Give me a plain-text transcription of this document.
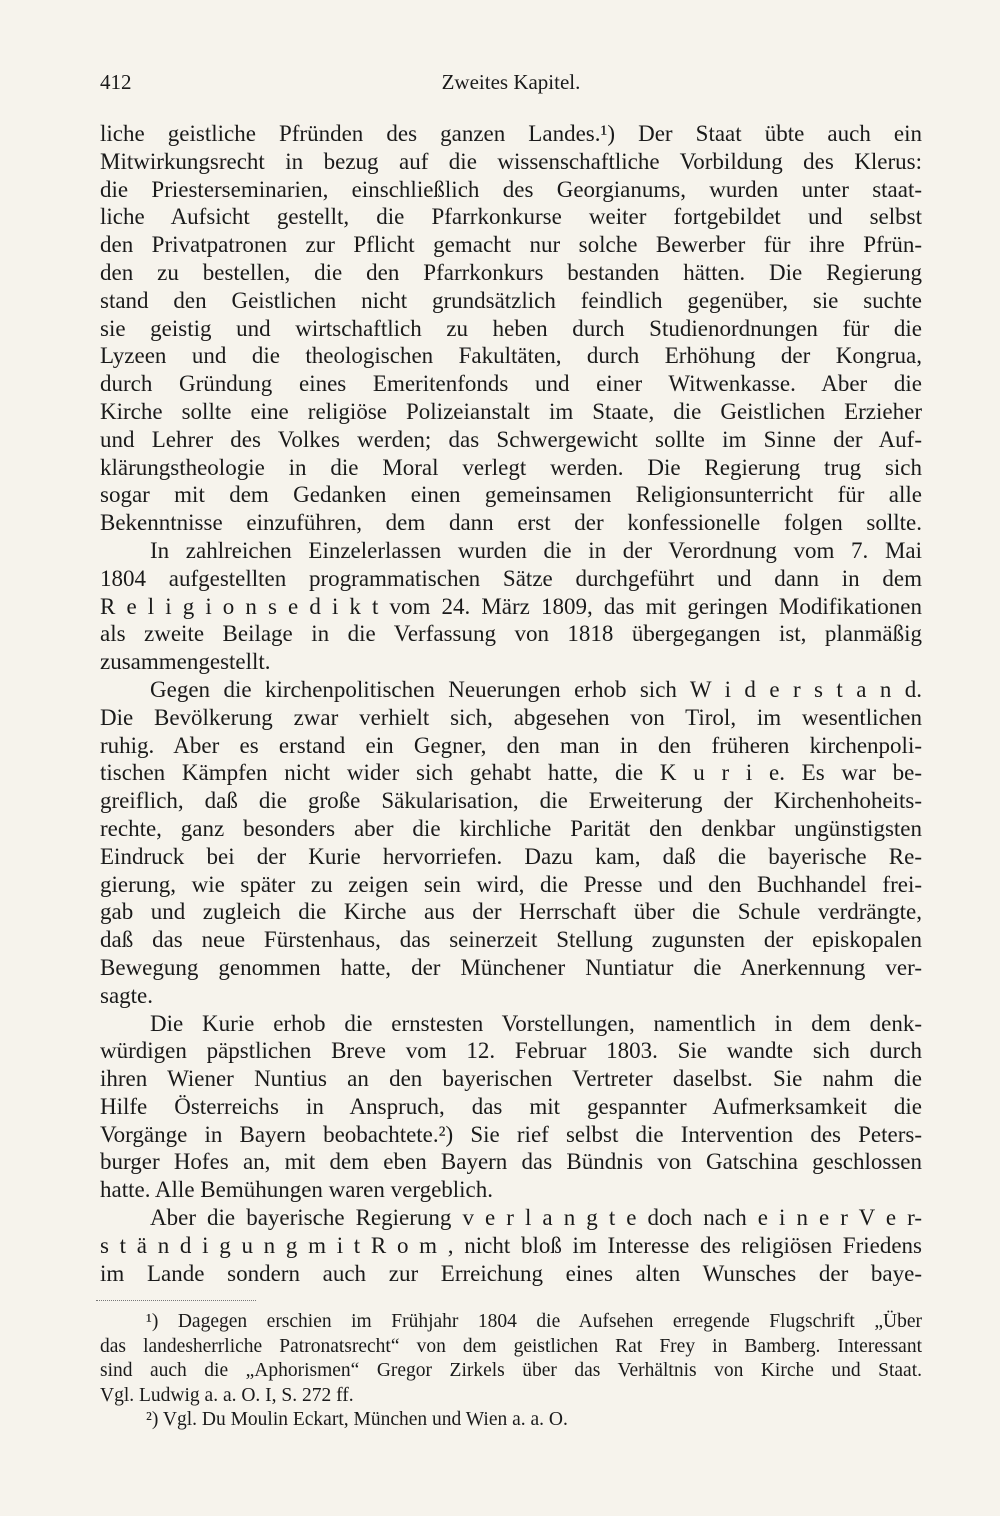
412	Zweites Kapitel.
liche geistliche Pfründen des ganzen Landes.¹) Der Staat übte auch ein
Mitwirkungsrecht in bezug auf die wissenschaftliche Vorbildung des Klerus:
die Priesterseminarien, einschließlich des Georgianums, wurden unter staat-
liche Aufsicht gestellt, die Pfarrkonkurse weiter fortgebildet und selbst
den Privatpatronen zur Pflicht gemacht nur solche Bewerber für ihre Pfrün-
den zu bestellen, die den Pfarrkonkurs bestanden hätten. Die Regierung
stand den Geistlichen nicht grundsätzlich feindlich gegenüber, sie suchte
sie geistig und wirtschaftlich zu heben durch Studienordnungen für die
Lyzeen und die theologischen Fakultäten, durch Erhöhung der Kongrua,
durch Gründung eines Emeritenfonds und einer Witwenkasse. Aber die
Kirche sollte eine religiöse Polizeianstalt im Staate, die Geistlichen Erzieher
und Lehrer des Volkes werden; das Schwergewicht sollte im Sinne der Auf-
klärungstheologie in die Moral verlegt werden. Die Regierung trug sich
sogar mit dem Gedanken einen gemeinsamen Religionsunterricht für alle
Bekenntnisse einzuführen, dem dann erst der konfessionelle folgen sollte.
In zahlreichen Einzelerlassen wurden die in der Verordnung vom 7. Mai
1804 aufgestellten programmatischen Sätze durchgeführt und dann in dem
R e l i g i o n s e d i k t vom 24. März 1809, das mit geringen Modifikationen
als zweite Beilage in die Verfassung von 1818 übergegangen ist, planmäßig
zusammengestellt.
Gegen die kirchenpolitischen Neuerungen erhob sich W i d e r s t a n d.
Die Bevölkerung zwar verhielt sich, abgesehen von Tirol, im wesentlichen
ruhig. Aber es erstand ein Gegner, den man in den früheren kirchenpoli-
tischen Kämpfen nicht wider sich gehabt hatte, die K u r i e. Es war be-
greiflich, daß die große Säkularisation, die Erweiterung der Kirchenhoheits-
rechte, ganz besonders aber die kirchliche Parität den denkbar ungünstigsten
Eindruck bei der Kurie hervorriefen. Dazu kam, daß die bayerische Re-
gierung, wie später zu zeigen sein wird, die Presse und den Buchhandel frei-
gab und zugleich die Kirche aus der Herrschaft über die Schule verdrängte,
daß das neue Fürstenhaus, das seinerzeit Stellung zugunsten der episkopalen
Bewegung genommen hatte, der Münchener Nuntiatur die Anerkennung ver-
sagte.
Die Kurie erhob die ernstesten Vorstellungen, namentlich in dem denk-
würdigen päpstlichen Breve vom 12. Februar 1803. Sie wandte sich durch
ihren Wiener Nuntius an den bayerischen Vertreter daselbst. Sie nahm die
Hilfe Österreichs in Anspruch, das mit gespannter Aufmerksamkeit die
Vorgänge in Bayern beobachtete.²) Sie rief selbst die Intervention des Peters-
burger Hofes an, mit dem eben Bayern das Bündnis von Gatschina geschlossen
hatte. Alle Bemühungen waren vergeblich.
Aber die bayerische Regierung v e r l a n g t e doch nach e i n e r V e r-
s t ä n d i g u n g m i t R o m , nicht bloß im Interesse des religiösen Friedens
im Lande sondern auch zur Erreichung eines alten Wunsches der baye-
¹) Dagegen erschien im Frühjahr 1804 die Aufsehen erregende Flugschrift „Über
das landesherrliche Patronatsrecht“ von dem geistlichen Rat Frey in Bamberg. Interessant
sind auch die „Aphorismen“ Gregor Zirkels über das Verhältnis von Kirche und Staat.
Vgl. Ludwig a. a. O. I, S. 272 ff.
²) Vgl. Du Moulin Eckart, München und Wien a. a. O.
